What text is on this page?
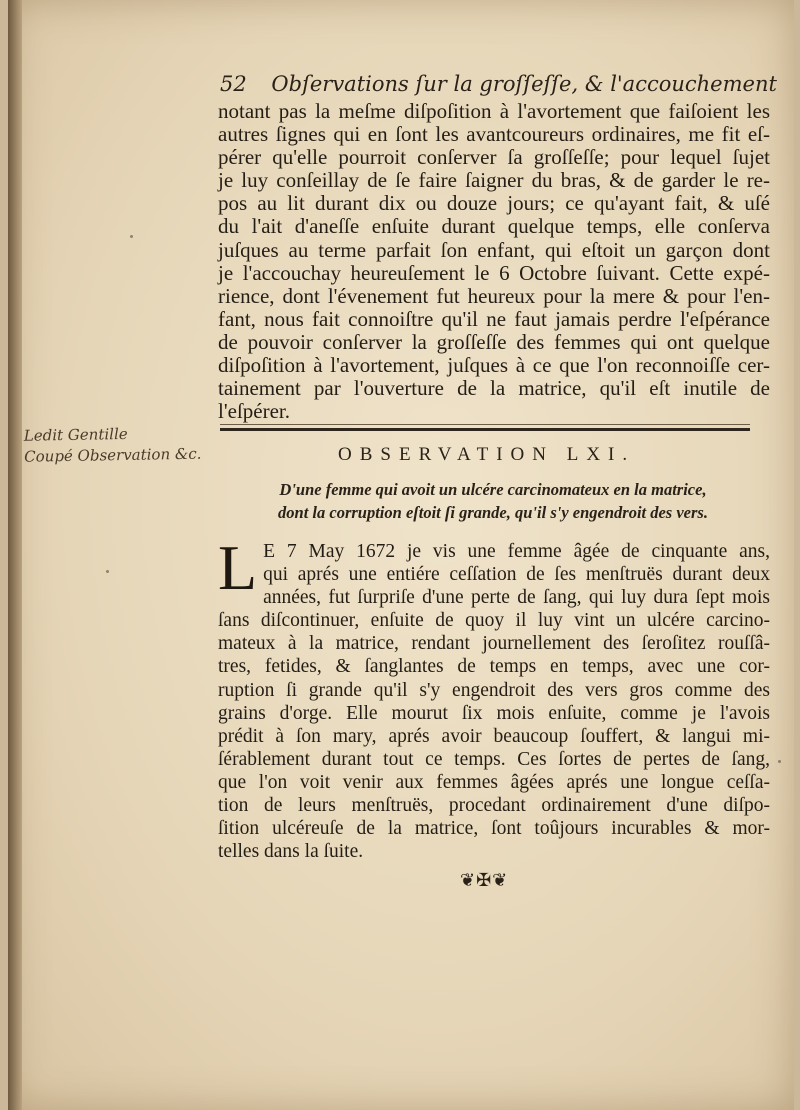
52 Obſervations ſur la groſſeſſe, & l'accouchement
notant pas la meſme diſpoſition à l'avortement que faiſoient les
autres ſignes qui en ſont les avantcoureurs ordinaires, me fit eſ-
pérer qu'elle pourroit conſerver ſa groſſeſſe; pour lequel ſujet
je luy conſeillay de ſe faire ſaigner du bras, & de garder le re-
pos au lit durant dix ou douze jours; ce qu'ayant fait, & uſé
du l'ait d'aneſſe enſuite durant quelque temps, elle conſerva
juſques au terme parfait ſon enfant, qui eſtoit un garçon dont
je l'accouchay heureuſement le 6 Octobre ſuivant. Cette expé-
rience, dont l'évenement fut heureux pour la mere & pour l'en-
fant, nous fait connoiſtre qu'il ne faut jamais perdre l'eſpérance
de pouvoir conſerver la groſſeſſe des femmes qui ont quelque
diſpoſition à l'avortement, juſques à ce que l'on reconnoiſſe cer-
tainement par l'ouverture de la matrice, qu'il eſt inutile de
l'eſpérer.
Ledit Gentille
Coupé Observation &c.	OBSERVATION LXI.
D'une femme qui avoit un ulcére carcinomateux en la matrice,
dont la corruption eſtoit ſi grande, qu'il s'y engendroit des vers.
L E 7 May 1672 je vis une femme âgée de cinquante ans,
qui aprés une entiére ceſſation de ſes menſtruës durant deux
années, fut ſurpriſe d'une perte de ſang, qui luy dura ſept mois
ſans diſcontinuer, enſuite de quoy il luy vint un ulcére carcino-
mateux à la matrice, rendant journellement des ſeroſitez rouſſâ-
tres, fetides, & ſanglantes de temps en temps, avec une cor-
ruption ſi grande qu'il s'y engendroit des vers gros comme des
grains d'orge. Elle mourut ſix mois enſuite, comme je l'avois
prédit à ſon mary, aprés avoir beaucoup ſouffert, & langui mi-
ſérablement durant tout ce temps. Ces ſortes de pertes de ſang,
que l'on voit venir aux femmes âgées aprés une longue ceſſa-
tion de leurs menſtruës, procedant ordinairement d'une diſpo-
ſition ulcéreuſe de la matrice, ſont toûjours incurables & mor-
telles dans la ſuite.
❦✠❦
